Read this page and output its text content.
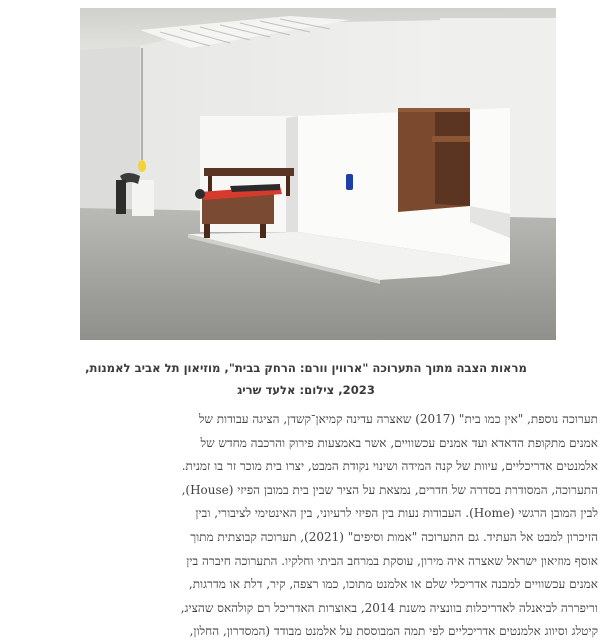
מראות הצבה מתוך התערוכה "ארווין וורם: הרחק בבית", מוזיאון תל אביב לאמנות,
2023, צילום: אלעד שריג
תערוכה נוספת, "אין כמו בית" (2017) שאצרה עדינה קמיאן־קשדן, הציגה עבודות של
אמנים מתקופת הדאדא ועד אמנים עכשוויים, אשר באמצעות פירוק והרכבה מחדש של
אלמנטים אדריכליים, עיוות של קנה המידה ושינוי נקודת המבט, יצרו בית מוכר זר בו זמנית.
התערוכה, המסודרת בסדרה של חדרים, נמצאת על הציר שבין בית במובן הפיזי (House),
לבין המובן הרגשי (Home). העבודות נעות בין הפיזי לרעיוני, בין האינטימי לציבורי, ובין
הזיכרון למבט אל העתיד. גם התערוכה "אמות וסיפים" (2021), תערוכה קבוצתית מתוך
אוסף מוזיאון ישראל שאצרה איה מירון, עוסקת במרחב הביתי וחלקיו. התערוכה חיברה בין
אמנים עכשוויים למבנה אדריכלי שלם או אלמנט מתוכו, כמו רצפה, קיר, דלת או מדרגות,
וריפררה לביאנלה לאדריכלות בוונציה משנת 2014, באוצרות האדריכל רם קולהאס שהציג,
קיטלג וסיווג אלמנטים אדריכליים לפי תמה המבוססת על אלמנט מבודד (המסדרון, החלון,
